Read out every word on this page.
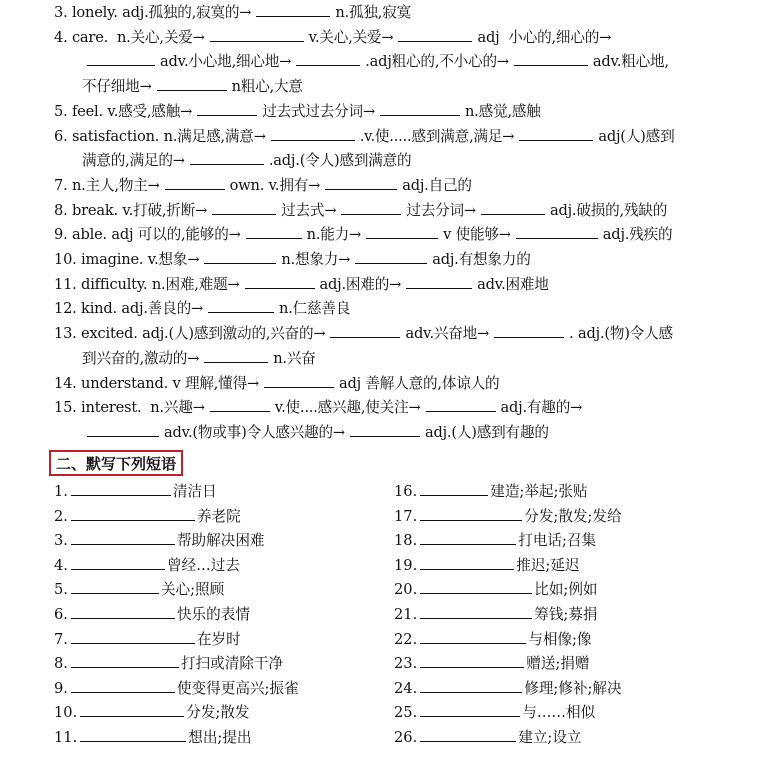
3. lonely. adj.孤独的,寂寞的→	n.孤独,寂寞
4. care.  n.关心,关爱→	v.关心,关爱→	adj  小心的,细心的→
adv.小心地,细心地→	.adj粗心的,不小心的→	adv.粗心地,
不仔细地→	n粗心,大意
5. feel. v.感受,感触→	过去式过去分词→	n.感觉,感触
6. satisfaction. n.满足感,满意→	.v.使.....感到满意,满足→	adj(人)感到
满意的,满足的→	.adj.(令人)感到满意的
7. n.主人,物主→	own. v.拥有→	adj.自己的
8. break. v.打破,折断→	过去式→	过去分词→	adj.破损的,残缺的
9. able. adj 可以的,能够的→	n.能力→	v 使能够→	adj.残疾的
10. imagine. v.想象→	n.想象力→	adj.有想象力的
11. difficulty. n.困难,难题→	adj.困难的→	adv.困难地
12. kind. adj.善良的→	n.仁慈善良
13. excited. adj.(人)感到激动的,兴奋的→	adv.兴奋地→	. adj.(物)令人感
到兴奋的,激动的→	n.兴奋
14. understand. v 理解,懂得→	adj 善解人意的,体谅人的
15. interest.  n.兴趣→	v.使....感兴趣,使关注→	adj.有趣的→
adv.(物或事)令人感兴趣的→	adj.(人)感到有趣的
二、默写下列短语
1.	清洁日
2.	养老院
3.	帮助解决困难
4.	曾经…过去
5.	关心;照顾
6.	快乐的表情
7.	在岁时
8.	打扫或清除干净
9.	使变得更高兴;振雀
10.	分发;散发
11.	想出;提出
16.	建造;举起;张贴
17.	分发;散发;发给
18.	打电话;召集
19.	推迟;延迟
20.	比如;例如
21.	筹钱;募捐
22.	与相像;像
23.	赠送;捐赠
24.	修理;修补;解决
25.	与……相似
26.	建立;设立
